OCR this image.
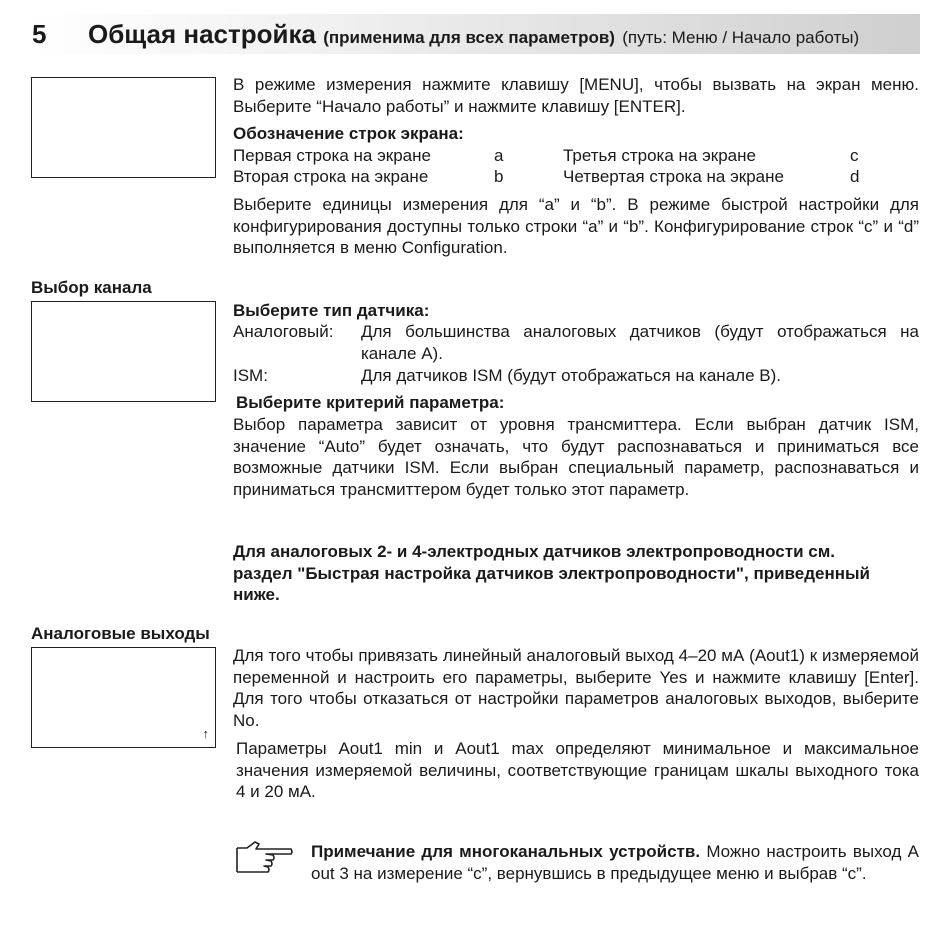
5 Общая настройка (применима для всех параметров) (путь: Меню / Начало работы)
В режиме измерения нажмите клавишу [MENU], чтобы вызвать на экран меню. Выберите “Начало работы” и нажмите клавишу [ENTER].
Обозначение строк экрана:
Первая строка на экране	a	Третья строка на экране	c
Вторая строка на экране	b	Четвертая строка на экране	d
Выберите единицы измерения для “a” и “b”. В режиме быстрой настройки для конфигурирования доступны только строки “a” и “b”. Конфигурирование строк “c” и “d” выполняется в меню Configuration.
Выбор канала
Выберите тип датчика:
Аналоговый: Для большинства аналоговых датчиков (будут отображаться на канале A).
ISM:	Для датчиков ISM (будут отображаться на канале B).
Выберите критерий параметра:
Выбор параметра зависит от уровня трансмиттера. Если выбран датчик ISM, значение “Auto” будет означать, что будут распознаваться и приниматься все возможные датчики ISM. Если выбран специальный параметр, распознаваться и приниматься трансмиттером будет только этот параметр.
Для аналоговых 2- и 4-электродных датчиков электропроводности см. раздел "Быстрая настройка датчиков электропроводности", приведенный ниже.
Аналоговые выходы
↑
Для того чтобы привязать линейный аналоговый выход 4–20 мА (Aout1) к измеряемой переменной и настроить его параметры, выберите Yes и нажмите клавишу [Enter]. Для того чтобы отказаться от настройки параметров аналоговых выходов, выберите No.
Параметры Aout1 min и Aout1 max определяют минимальное и максимальное значения измеряемой величины, соответствующие границам шкалы выходного тока 4 и 20 мА.
Примечание для многоканальных устройств. Можно настроить выход A out 3 на измерение “c”, вернувшись в предыдущее меню и выбрав “c”.
